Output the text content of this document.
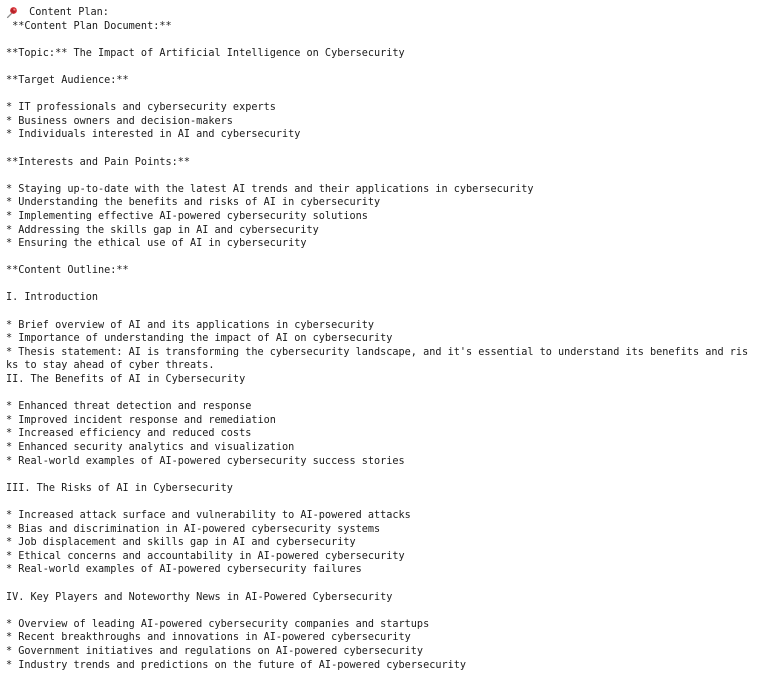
Content Plan:
**Content Plan Document:**
**Topic:** The Impact of Artificial Intelligence on Cybersecurity
**Target Audience:**
* IT professionals and cybersecurity experts
* Business owners and decision-makers
* Individuals interested in AI and cybersecurity
**Interests and Pain Points:**
* Staying up-to-date with the latest AI trends and their applications in cybersecurity
* Understanding the benefits and risks of AI in cybersecurity
* Implementing effective AI-powered cybersecurity solutions
* Addressing the skills gap in AI and cybersecurity
* Ensuring the ethical use of AI in cybersecurity
**Content Outline:**
I. Introduction
* Brief overview of AI and its applications in cybersecurity
* Importance of understanding the impact of AI on cybersecurity
* Thesis statement: AI is transforming the cybersecurity landscape, and it's essential to understand its benefits and risks to stay ahead of cyber threats.
II. The Benefits of AI in Cybersecurity
* Enhanced threat detection and response
* Improved incident response and remediation
* Increased efficiency and reduced costs
* Enhanced security analytics and visualization
* Real-world examples of AI-powered cybersecurity success stories
III. The Risks of AI in Cybersecurity
* Increased attack surface and vulnerability to AI-powered attacks
* Bias and discrimination in AI-powered cybersecurity systems
* Job displacement and skills gap in AI and cybersecurity
* Ethical concerns and accountability in AI-powered cybersecurity
* Real-world examples of AI-powered cybersecurity failures
IV. Key Players and Noteworthy News in AI-Powered Cybersecurity
* Overview of leading AI-powered cybersecurity companies and startups
* Recent breakthroughs and innovations in AI-powered cybersecurity
* Government initiatives and regulations on AI-powered cybersecurity
* Industry trends and predictions on the future of AI-powered cybersecurity
